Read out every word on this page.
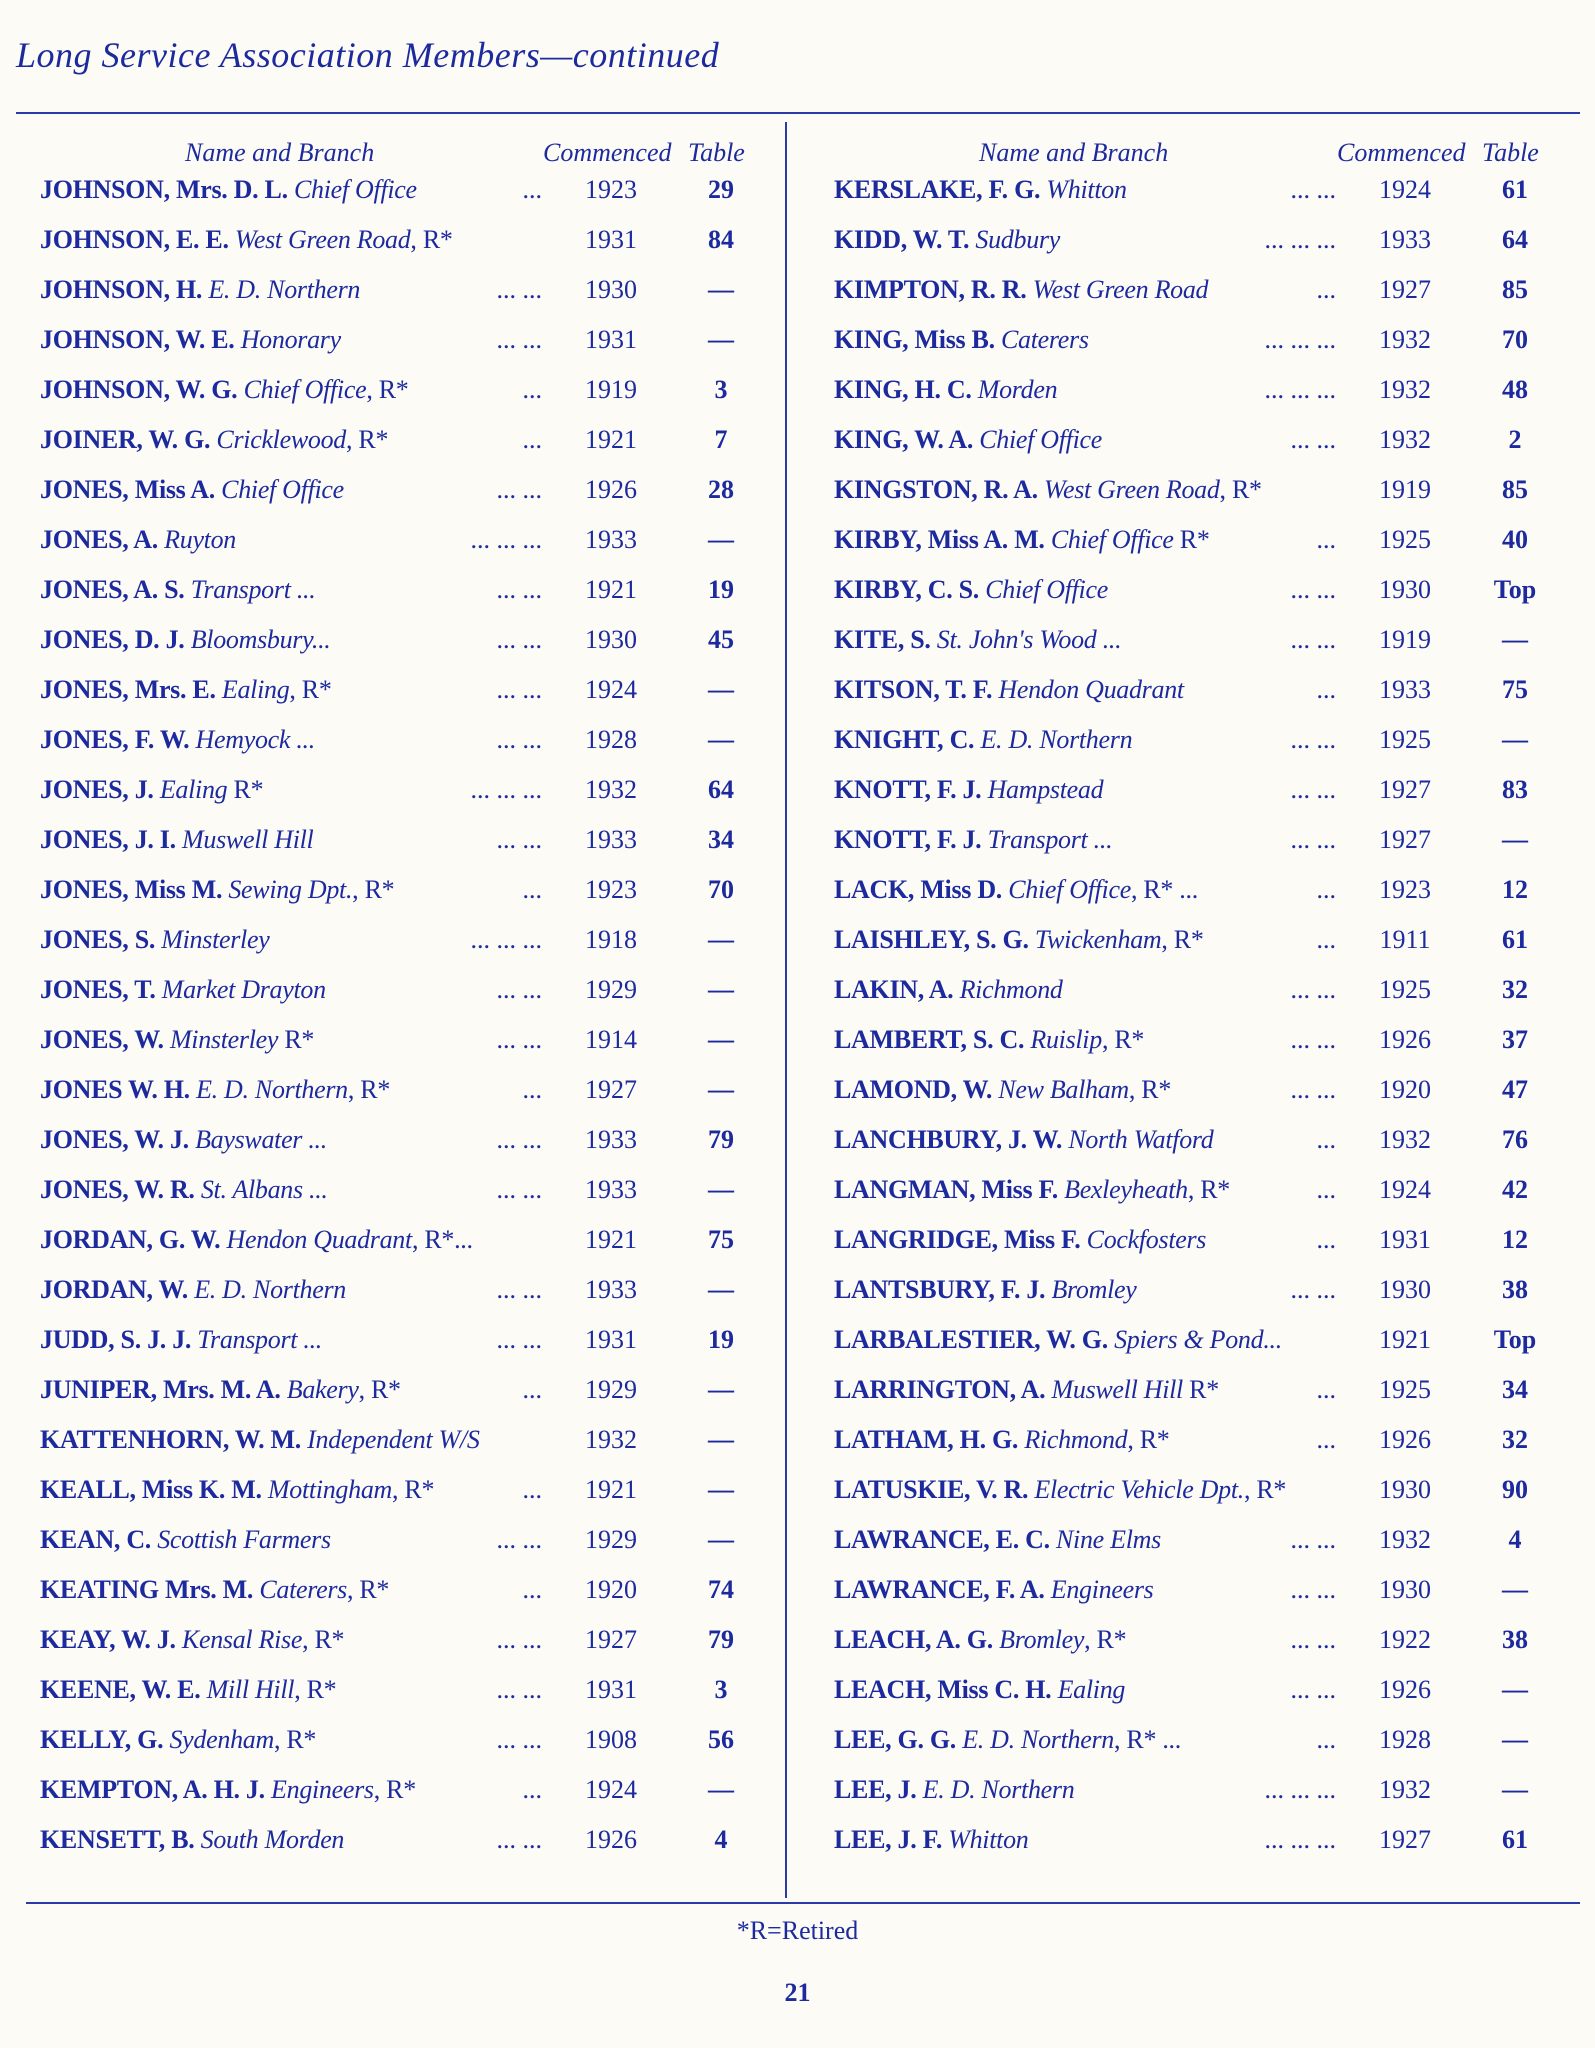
Long Service Association Members—continued
Name and Branch	Commenced Table
JOHNSON, Mrs. D. L. Chief Office	...	1923	29
JOHNSON, E. E. West Green Road, R*	1931	84
JOHNSON, H. E. D. Northern	... ...	1930	—
JOHNSON, W. E. Honorary	... ...	1931	—
JOHNSON, W. G. Chief Office, R*	...	1919	3
JOINER, W. G. Cricklewood, R*	...	1921	7
JONES, Miss A. Chief Office	... ...	1926	28
JONES, A. Ruyton	... ... ...	1933	—
JONES, A. S. Transport ...	... ...	1921	19
JONES, D. J. Bloomsbury...	... ...	1930	45
JONES, Mrs. E. Ealing, R*	... ...	1924	—
JONES, F. W. Hemyock ...	... ...	1928	—
JONES, J. Ealing R*	... ... ...	1932	64
JONES, J. I. Muswell Hill	... ...	1933	34
JONES, Miss M. Sewing Dpt., R*	...	1923	70
JONES, S. Minsterley	... ... ...	1918	—
JONES, T. Market Drayton	... ...	1929	—
JONES, W. Minsterley R*	... ...	1914	—
JONES W. H. E. D. Northern, R*	...	1927	—
JONES, W. J. Bayswater ...	... ...	1933	79
JONES, W. R. St. Albans ...	... ...	1933	—
JORDAN, G. W. Hendon Quadrant, R*...	1921	75
JORDAN, W. E. D. Northern	... ...	1933	—
JUDD, S. J. J. Transport ...	... ...	1931	19
JUNIPER, Mrs. M. A. Bakery, R*	...	1929	—
KATTENHORN, W. M. Independent W/S	1932	—
KEALL, Miss K. M. Mottingham, R*	...	1921	—
KEAN, C. Scottish Farmers	... ...	1929	—
KEATING Mrs. M. Caterers, R*	...	1920	74
KEAY, W. J. Kensal Rise, R*	... ...	1927	79
KEENE, W. E. Mill Hill, R*	... ...	1931	3
KELLY, G. Sydenham, R*	... ...	1908	56
KEMPTON, A. H. J. Engineers, R*	...	1924	—
KENSETT, B. South Morden	... ...	1926	4
Name and Branch	Commenced Table
KERSLAKE, F. G. Whitton	... ...	1924	61
KIDD, W. T. Sudbury	... ... ...	1933	64
KIMPTON, R. R. West Green Road	...	1927	85
KING, Miss B. Caterers	... ... ...	1932	70
KING, H. C. Morden	... ... ...	1932	48
KING, W. A. Chief Office	... ...	1932	2
KINGSTON, R. A. West Green Road, R*	1919	85
KIRBY, Miss A. M. Chief Office R*	...	1925	40
KIRBY, C. S. Chief Office	... ...	1930	Top
KITE, S. St. John's Wood ...	... ...	1919	—
KITSON, T. F. Hendon Quadrant	...	1933	75
KNIGHT, C. E. D. Northern	... ...	1925	—
KNOTT, F. J. Hampstead	... ...	1927	83
KNOTT, F. J. Transport ...	... ...	1927	—
LACK, Miss D. Chief Office, R* ...	...	1923	12
LAISHLEY, S. G. Twickenham, R*	...	1911	61
LAKIN, A. Richmond	... ...	1925	32
LAMBERT, S. C. Ruislip, R*	... ...	1926	37
LAMOND, W. New Balham, R*	... ...	1920	47
LANCHBURY, J. W. North Watford	...	1932	76
LANGMAN, Miss F. Bexleyheath, R*	...	1924	42
LANGRIDGE, Miss F. Cockfosters	...	1931	12
LANTSBURY, F. J. Bromley	... ...	1930	38
LARBALESTIER, W. G. Spiers & Pond...	1921	Top
LARRINGTON, A. Muswell Hill R*	...	1925	34
LATHAM, H. G. Richmond, R*	...	1926	32
LATUSKIE, V. R. Electric Vehicle Dpt., R*	1930	90
LAWRANCE, E. C. Nine Elms	... ...	1932	4
LAWRANCE, F. A. Engineers	... ...	1930	—
LEACH, A. G. Bromley, R*	... ...	1922	38
LEACH, Miss C. H. Ealing	... ...	1926	—
LEE, G. G. E. D. Northern, R* ...	...	1928	—
LEE, J. E. D. Northern	... ... ...	1932	—
LEE, J. F. Whitton	... ... ...	1927	61
*R=Retired
21
